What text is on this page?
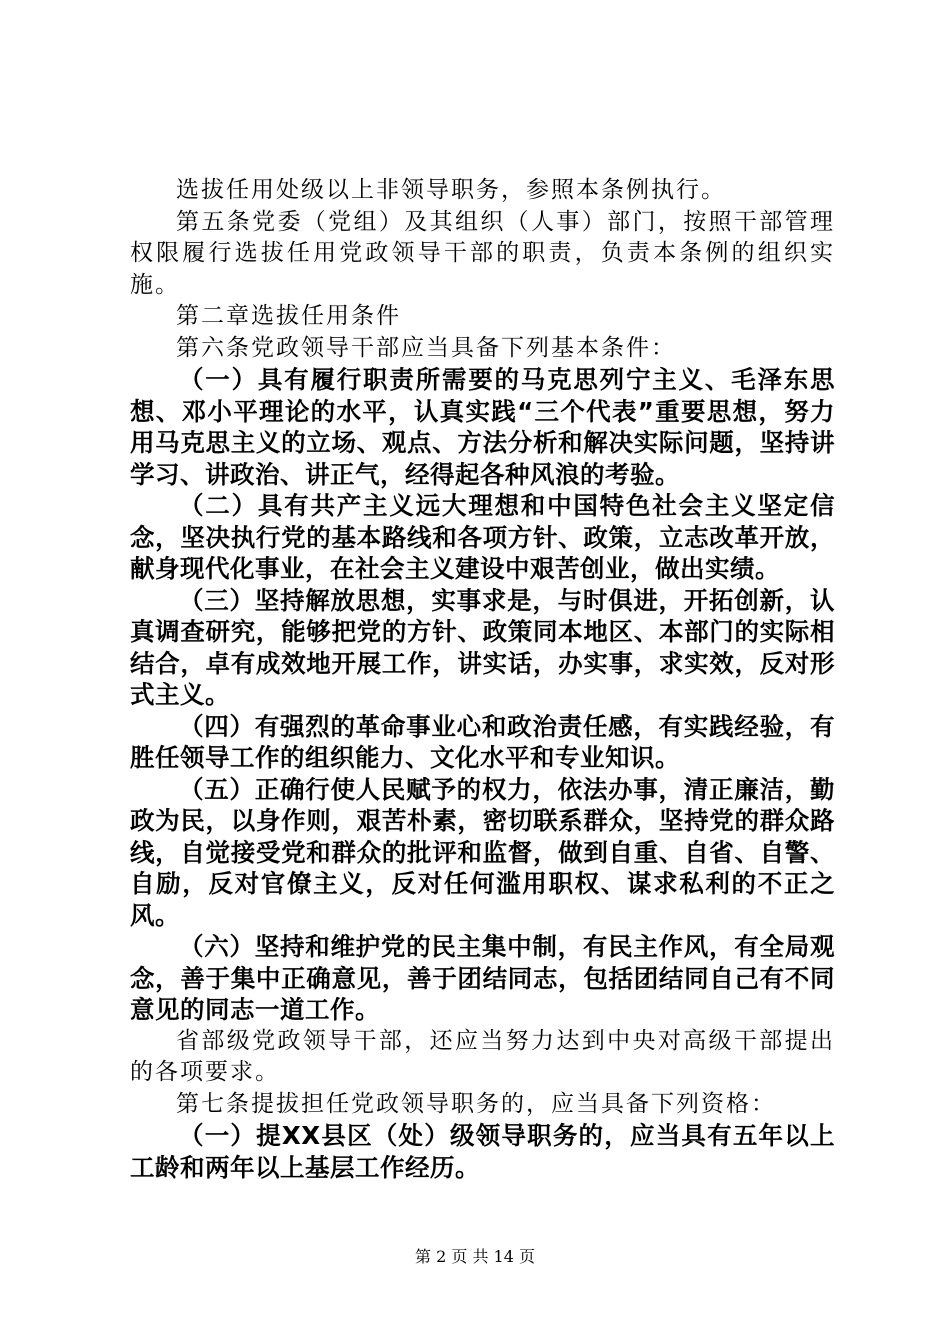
选拔任用处级以上非领导职务，参照本条例执行。

第五条党委（党组）及其组织（人事）部门，按照干部管理权限履行选拔任用党政领导干部的职责，负责本条例的组织实施。

第二章选拔任用条件

第六条党政领导干部应当具备下列基本条件：

（一）具有履行职责所需要的马克思列宁主义、毛泽东思想、邓小平理论的水平，认真实践“三个代表”重要思想，努力用马克思主义的立场、观点、方法分析和解决实际问题，坚持讲学习、讲政治、讲正气，经得起各种风浪的考验。

（二）具有共产主义远大理想和中国特色社会主义坚定信念，坚决执行党的基本路线和各项方针、政策，立志改革开放，献身现代化事业，在社会主义建设中艰苦创业，做出实绩。

（三）坚持解放思想，实事求是，与时俱进，开拓创新，认真调查研究，能够把党的方针、政策同本地区、本部门的实际相结合，卓有成效地开展工作，讲实话，办实事，求实效，反对形式主义。

（四）有强烈的革命事业心和政治责任感，有实践经验，有胜任领导工作的组织能力、文化水平和专业知识。

（五）正确行使人民赋予的权力，依法办事，清正廉洁，勤政为民，以身作则，艰苦朴素，密切联系群众，坚持党的群众路线，自觉接受党和群众的批评和监督，做到自重、自省、自警、自励，反对官僚主义，反对任何滥用职权、谋求私利的不正之风。

（六）坚持和维护党的民主集中制，有民主作风，有全局观念，善于集中正确意见，善于团结同志，包括团结同自己有不同意见的同志一道工作。

省部级党政领导干部，还应当努力达到中央对高级干部提出的各项要求。

第七条提拔担任党政领导职务的，应当具备下列资格：

（一）提XX县区（处）级领导职务的，应当具有五年以上工龄和两年以上基层工作经历。

第 2 页 共 14 页
